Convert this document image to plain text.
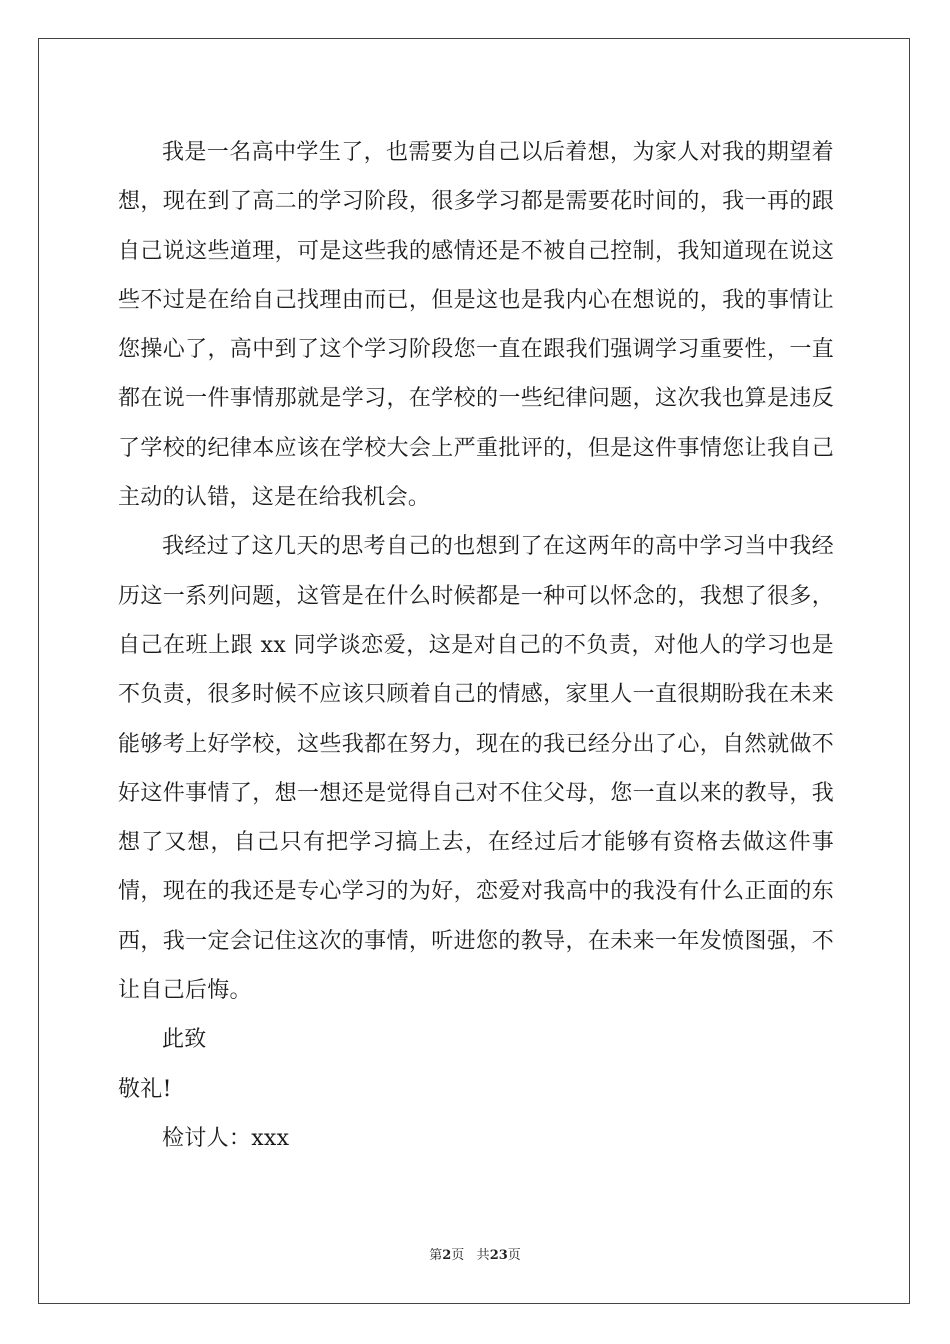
我是一名高中学生了，也需要为自己以后着想，为家人对我的期望着想，现在到了高二的学习阶段，很多学习都是需要花时间的，我一再的跟自己说这些道理，可是这些我的感情还是不被自己控制，我知道现在说这些不过是在给自己找理由而已，但是这也是我内心在想说的，我的事情让您操心了，高中到了这个学习阶段您一直在跟我们强调学习重要性，一直都在说一件事情那就是学习，在学校的一些纪律问题，这次我也算是违反了学校的纪律本应该在学校大会上严重批评的，但是这件事情您让我自己主动的认错，这是在给我机会。

我经过了这几天的思考自己的也想到了在这两年的高中学习当中我经历这一系列问题，这管是在什么时候都是一种可以怀念的，我想了很多，自己在班上跟 xx 同学谈恋爱，这是对自己的不负责，对他人的学习也是不负责，很多时候不应该只顾着自己的情感，家里人一直很期盼我在未来能够考上好学校，这些我都在努力，现在的我已经分出了心，自然就做不好这件事情了，想一想还是觉得自己对不住父母，您一直以来的教导，我想了又想，自己只有把学习搞上去，在经过后才能够有资格去做这件事情，现在的我还是专心学习的为好，恋爱对我高中的我没有什么正面的东西，我一定会记住这次的事情，听进您的教导，在未来一年发愤图强，不让自己后悔。

此致

敬礼!

检讨人：xxx

第2页 共23页
